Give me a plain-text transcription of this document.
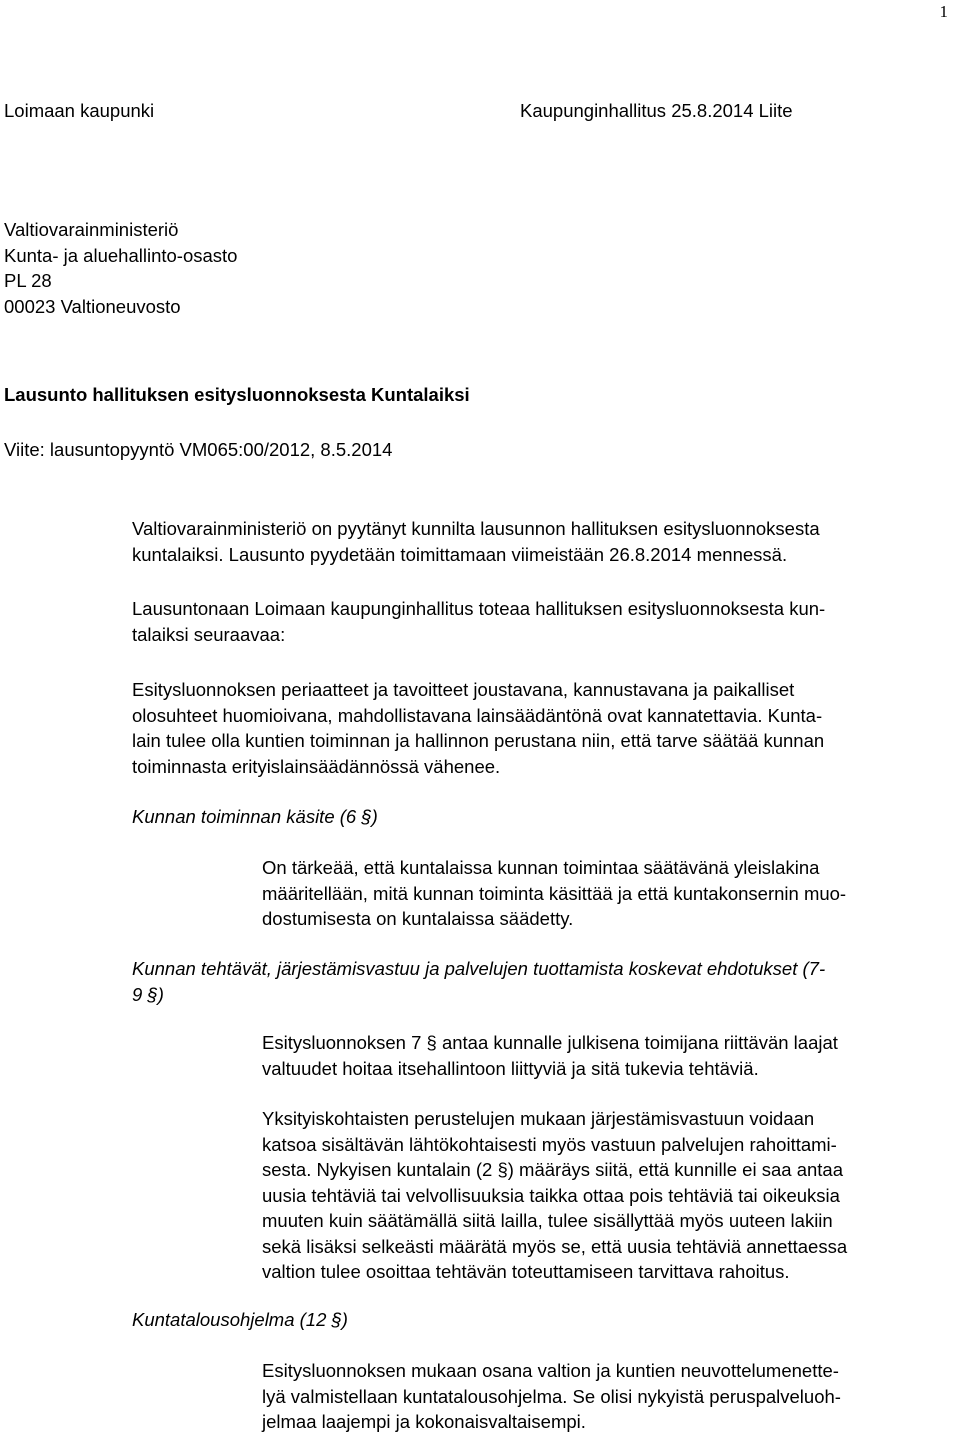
1
Loimaan kaupunki	Kaupunginhallitus 25.8.2014 Liite
Valtiovarainministeriö
Kunta- ja aluehallinto-osasto
PL 28
00023 Valtioneuvosto
Lausunto hallituksen esitysluonnoksesta Kuntalaiksi
Viite: lausuntopyyntö VM065:00/2012, 8.5.2014
Valtiovarainministeriö on pyytänyt kunnilta lausunnon hallituksen esitysluonnoksesta
kuntalaiksi. Lausunto pyydetään toimittamaan viimeistään 26.8.2014 mennessä.
Lausuntonaan Loimaan kaupunginhallitus toteaa hallituksen esitysluonnoksesta kun-
talaiksi seuraavaa:
Esitysluonnoksen periaatteet ja tavoitteet joustavana, kannustavana ja paikalliset
olosuhteet huomioivana, mahdollistavana lainsäädäntönä ovat kannatettavia. Kunta-
lain tulee olla kuntien toiminnan ja hallinnon perustana niin, että tarve säätää kunnan
toiminnasta erityislainsäädännössä vähenee.
Kunnan toiminnan käsite (6 §)
On tärkeää, että kuntalaissa kunnan toimintaa säätävänä yleislakina
määritellään, mitä kunnan toiminta käsittää ja että kuntakonsernin muo-
dostumisesta on kuntalaissa säädetty.
Kunnan tehtävät, järjestämisvastuu ja palvelujen tuottamista koskevat ehdotukset (7-
9 §)
Esitysluonnoksen 7 § antaa kunnalle julkisena toimijana riittävän laajat
valtuudet hoitaa itsehallintoon liittyviä ja sitä tukevia tehtäviä.
Yksityiskohtaisten perustelujen mukaan järjestämisvastuun voidaan
katsoa sisältävän lähtökohtaisesti myös vastuun palvelujen rahoittami-
sesta. Nykyisen kuntalain (2 §) määräys siitä, että kunnille ei saa antaa
uusia tehtäviä tai velvollisuuksia taikka ottaa pois tehtäviä tai oikeuksia
muuten kuin säätämällä siitä lailla, tulee sisällyttää myös uuteen lakiin
sekä lisäksi selkeästi määrätä myös se, että uusia tehtäviä annettaessa
valtion tulee osoittaa tehtävän toteuttamiseen tarvittava rahoitus.
Kuntatalousohjelma (12 §)
Esitysluonnoksen mukaan osana valtion ja kuntien neuvottelumenette-
lyä valmistellaan kuntatalousohjelma. Se olisi nykyistä peruspalveluoh-
jelmaa laajempi ja kokonaisvaltaisempi.
